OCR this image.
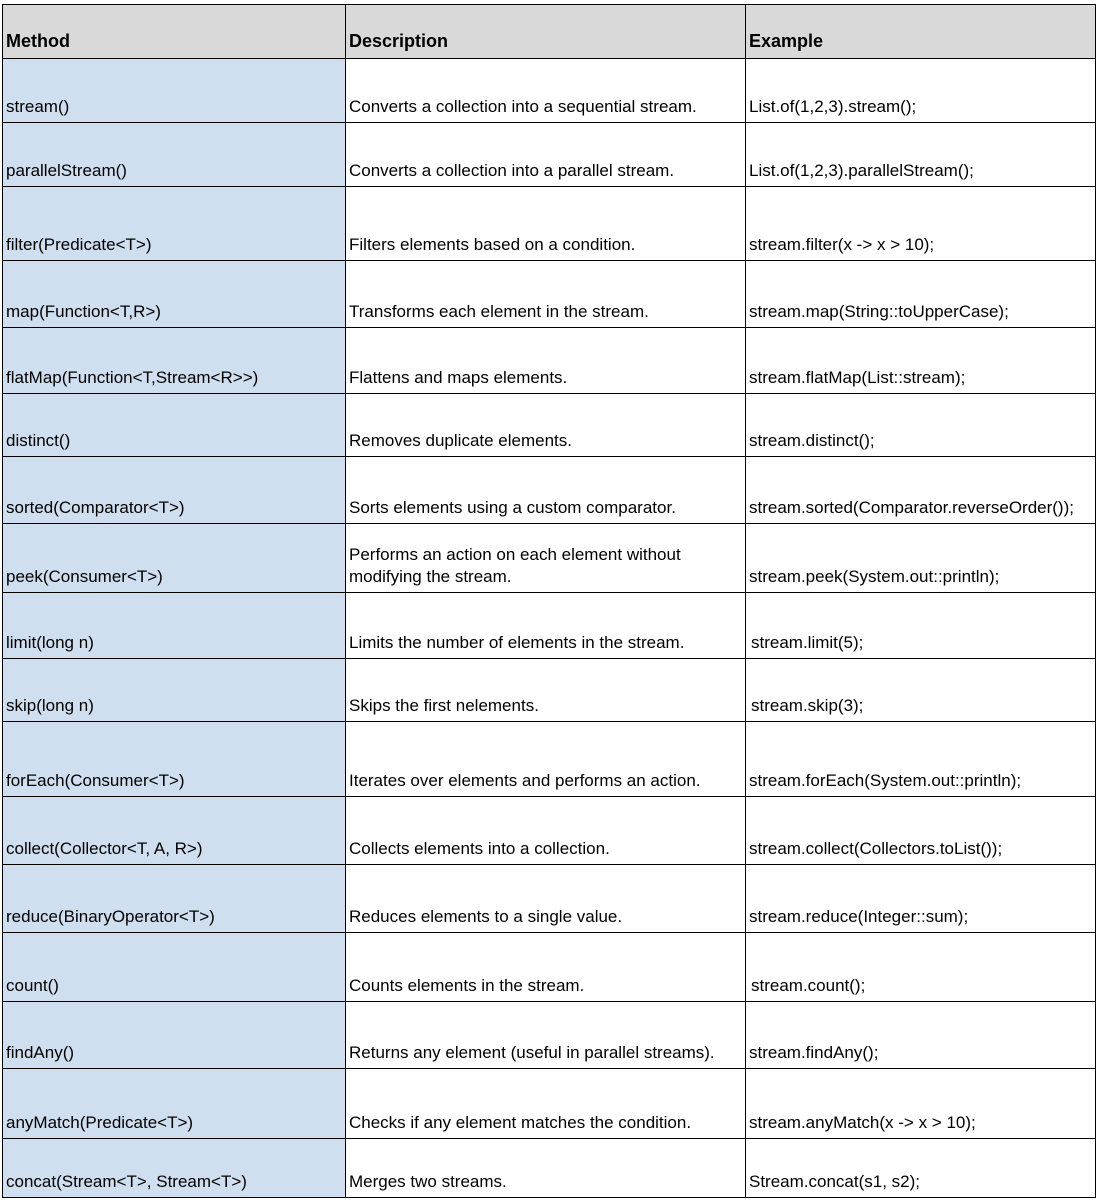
Method	Description	Example
stream()	Converts a collection into a sequential stream.	List.of(1,2,3).stream();
parallelStream()	Converts a collection into a parallel stream.	List.of(1,2,3).parallelStream();
filter(Predicate<T>)	Filters elements based on a condition.	stream.filter(x -> x > 10);
map(Function<T,R>)	Transforms each element in the stream.	stream.map(String::toUpperCase);
flatMap(Function<T,Stream<R>>)	Flattens and maps elements.	stream.flatMap(List::stream);
distinct()	Removes duplicate elements.	stream.distinct();
sorted(Comparator<T>)	Sorts elements using a custom comparator.	stream.sorted(Comparator.reverseOrder());
peek(Consumer<T>)	Performs an action on each element without modifying the stream.	stream.peek(System.out::println);
limit(long n)	Limits the number of elements in the stream.	stream.limit(5);
skip(long n)	Skips the first nelements.	stream.skip(3);
forEach(Consumer<T>)	Iterates over elements and performs an action.	stream.forEach(System.out::println);
collect(Collector<T, A, R>)	Collects elements into a collection.	stream.collect(Collectors.toList());
reduce(BinaryOperator<T>)	Reduces elements to a single value.	stream.reduce(Integer::sum);
count()	Counts elements in the stream.	stream.count();
findAny()	Returns any element (useful in parallel streams).	stream.findAny();
anyMatch(Predicate<T>)	Checks if any element matches the condition.	stream.anyMatch(x -> x > 10);
concat(Stream<T>, Stream<T>)	Merges two streams.	Stream.concat(s1, s2);
